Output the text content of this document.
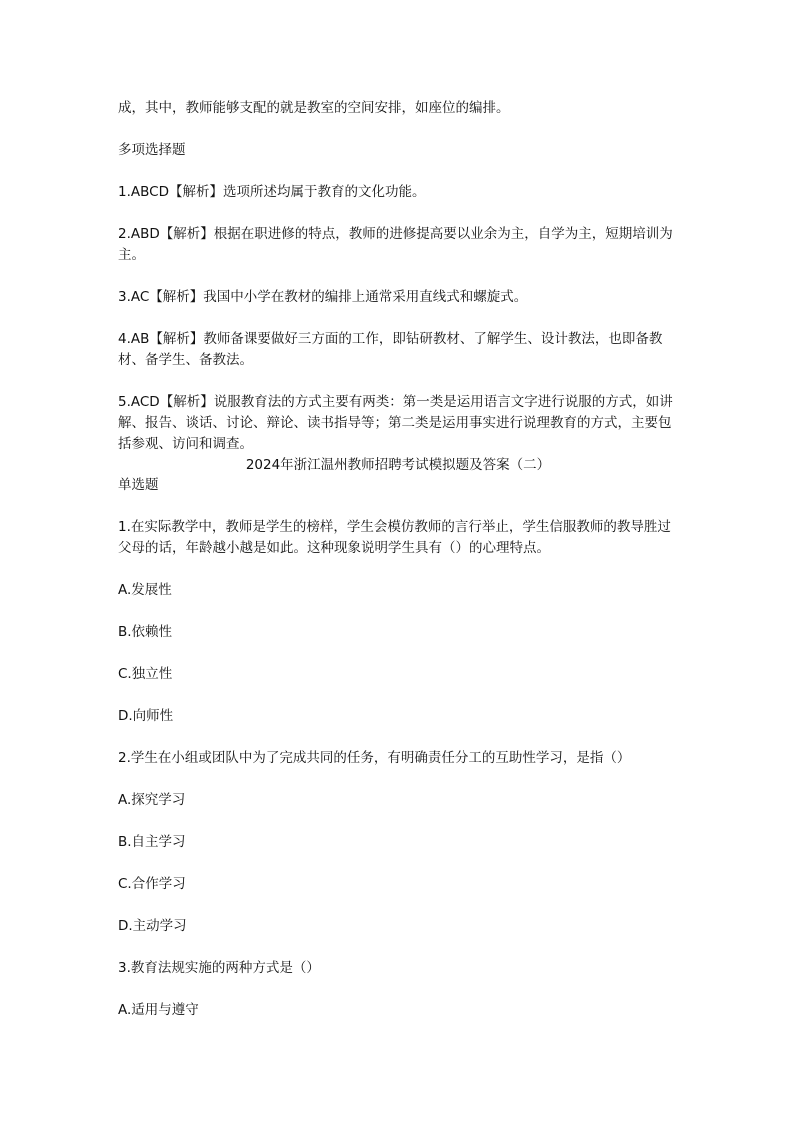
成，其中，教师能够支配的就是教室的空间安排，如座位的编排。

多项选择题

1.ABCD【解析】选项所述均属于教育的文化功能。

2.ABD【解析】根据在职进修的特点，教师的进修提高要以业余为主，自学为主，短期培训为主。

3.AC【解析】我国中小学在教材的编排上通常采用直线式和螺旋式。

4.AB【解析】教师备课要做好三方面的工作，即钻研教材、了解学生、设计教法，也即备教材、备学生、备教法。

5.ACD【解析】说服教育法的方式主要有两类：第一类是运用语言文字进行说服的方式，如讲解、报告、谈话、讨论、辩论、读书指导等；第二类是运用事实进行说理教育的方式，主要包括参观、访问和调查。

2024年浙江温州教师招聘考试模拟题及答案（二）

单选题

1.在实际教学中，教师是学生的榜样，学生会模仿教师的言行举止，学生信服教师的教导胜过父母的话，年龄越小越是如此。这种现象说明学生具有（）的心理特点。

A.发展性

B.依赖性

C.独立性

D.向师性

2.学生在小组或团队中为了完成共同的任务，有明确责任分工的互助性学习，是指（）

A.探究学习

B.自主学习

C.合作学习

D.主动学习

3.教育法规实施的两种方式是（）

A.适用与遵守
